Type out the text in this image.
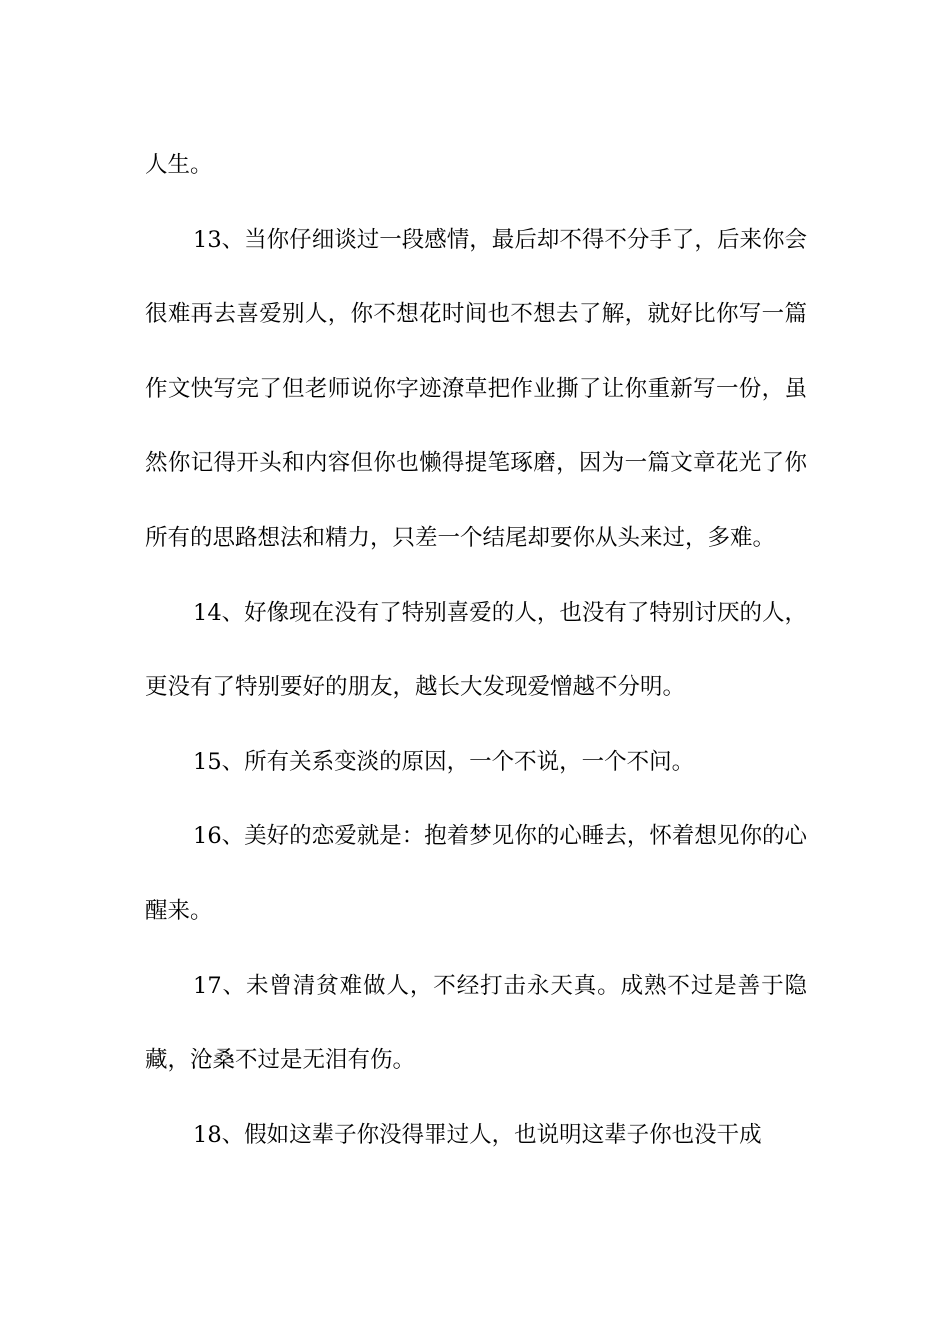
人生。

13、当你仔细谈过一段感情，最后却不得不分手了，后来你会很难再去喜爱别人，你不想花时间也不想去了解，就好比你写一篇作文快写完了但老师说你字迹潦草把作业撕了让你重新写一份，虽然你记得开头和内容但你也懒得提笔琢磨，因为一篇文章花光了你所有的思路想法和精力，只差一个结尾却要你从头来过，多难。

14、好像现在没有了特别喜爱的人，也没有了特别讨厌的人，更没有了特别要好的朋友，越长大发现爱憎越不分明。

15、所有关系变淡的原因，一个不说，一个不问。

16、美好的恋爱就是：抱着梦见你的心睡去，怀着想见你的心醒来。

17、未曾清贫难做人，不经打击永天真。成熟不过是善于隐藏，沧桑不过是无泪有伤。

18、假如这辈子你没得罪过人，也说明这辈子你也没干成
